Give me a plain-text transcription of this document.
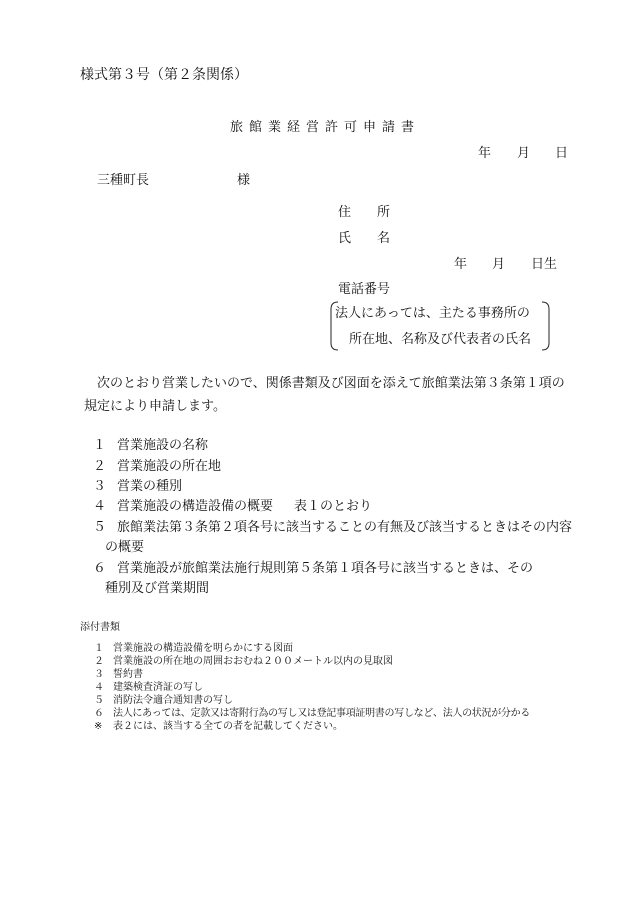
様式第３号（第２条関係）
旅館業経営許可申請書
年 月 日
三種町長	様
住　　所
氏　　名
年 月 日生
電話番号
法人にあっては、主たる事務所の
所在地、名称及び代表者の氏名
次のとおり営業したいので、関係書類及び図面を添えて旅館業法第３条第１項の
規定により申請します。
１ 営業施設の名称
２ 営業施設の所在地
３ 営業の種別
４ 営業施設の構造設備の概要 表１のとおり
５ 旅館業法第３条第２項各号に該当することの有無及び該当するときはその内容
の概要
６ 営業施設が旅館業法施行規則第５条第１項各号に該当するときは、その
種別及び営業期間
添付書類
１ 営業施設の構造設備を明らかにする図面
２ 営業施設の所在地の周囲おおむね２００メートル以内の見取図
３ 誓約書
４ 建築検査済証の写し
５ 消防法令適合通知書の写し
６ 法人にあっては、定款又は寄附行為の写し又は登記事項証明書の写しなど、法人の状況が分かる
※ 表２には、該当する全ての者を記載してください。
